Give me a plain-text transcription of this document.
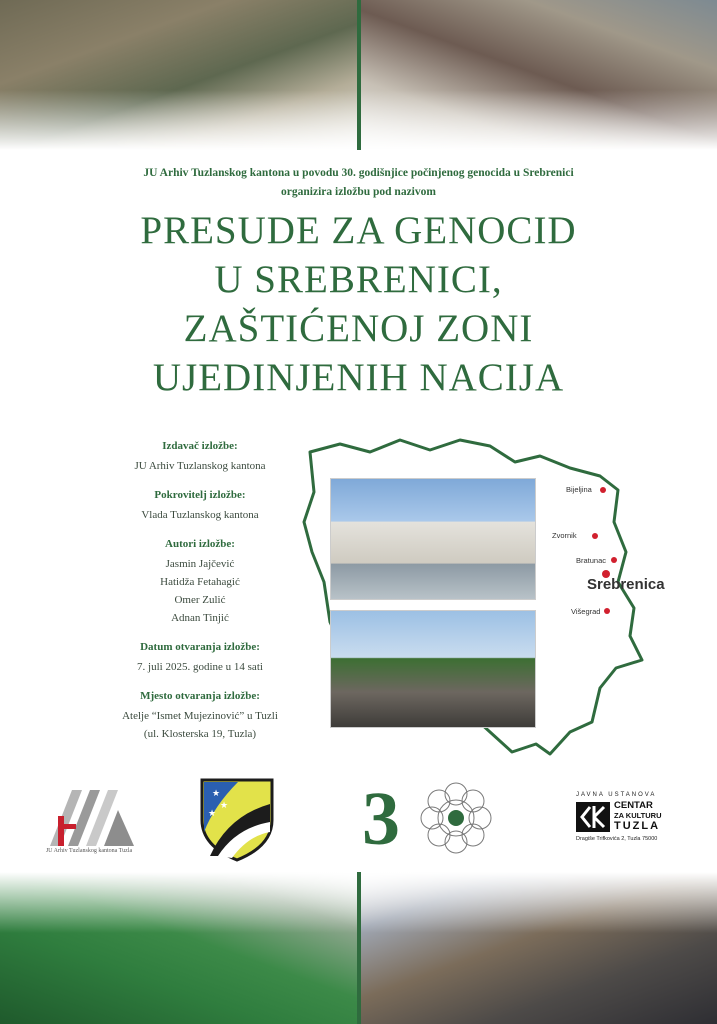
JU Arhiv Tuzlanskog kantona u povodu 30. godišnjice počinjenog genocida u Srebrenici
organizira izložbu pod nazivom
PRESUDE ZA GENOCID
U SREBRENICI,
ZAŠTIĆENOJ ZONI
UJEDINJENIH NACIJA
Izdavač izložbe:
JU Arhiv Tuzlanskog kantona
Pokrovitelj izložbe:
Vlada Tuzlanskog kantona
Autori izložbe:
Jasmin Jajčević
Hatidža Fetahagić
Omer Zulić
Adnan Tinjić
Datum otvaranja izložbe:
7. juli 2025. godine u 14 sati
Mjesto otvaranja izložbe:
Atelje “Ismet Mujezinović” u Tuzli
(ul. Klosterska 19, Tuzla)
Bijeljina
Zvornik
Bratunac
Srebrenica
Višegrad
JU Arhiv Tuzlanskog kantona Tuzla
★
★
★ 3	JAVNA USTANOVA
CENTAR
ZA KULTURU
TUZLA
Dragiše Trifkovića 2, Tuzla 75000
